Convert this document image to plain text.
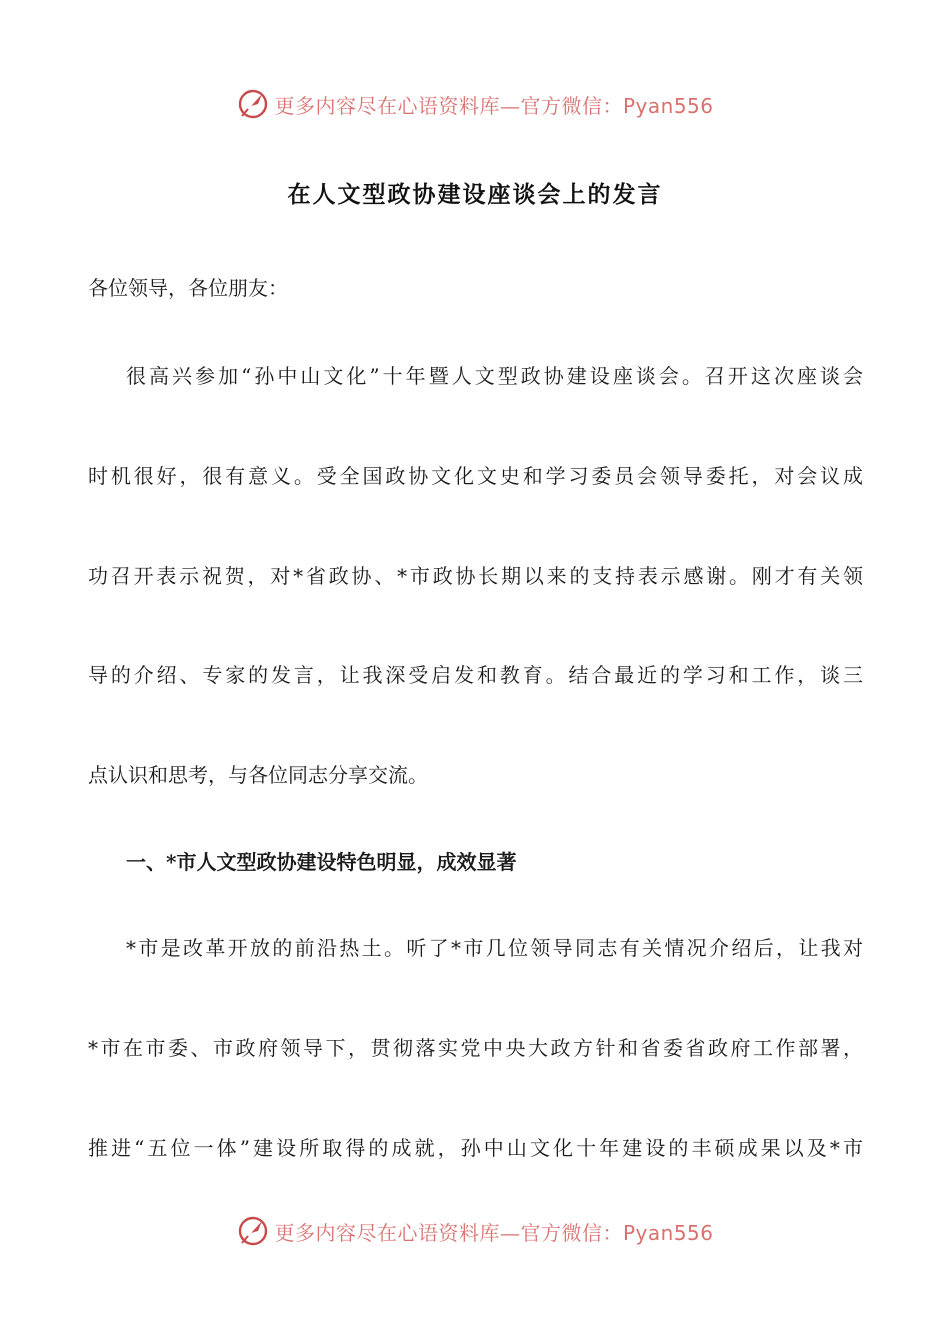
更多内容尽在心语资料库—官方微信：Pyan556
在人文型政协建设座谈会上的发言
各位领导，各位朋友：
很高兴参加“孙中山文化”十年暨人文型政协建设座谈会。召开这次座谈会
时机很好，很有意义。受全国政协文化文史和学习委员会领导委托，对会议成
功召开表示祝贺，对*省政协、*市政协长期以来的支持表示感谢。刚才有关领
导的介绍、专家的发言，让我深受启发和教育。结合最近的学习和工作，谈三
点认识和思考，与各位同志分享交流。
一、*市人文型政协建设特色明显，成效显著
*市是改革开放的前沿热土。听了*市几位领导同志有关情况介绍后，让我对
*市在市委、市政府领导下，贯彻落实党中央大政方针和省委省政府工作部署，
推进“五位一体”建设所取得的成就，孙中山文化十年建设的丰硕成果以及*市
更多内容尽在心语资料库—官方微信：Pyan556
